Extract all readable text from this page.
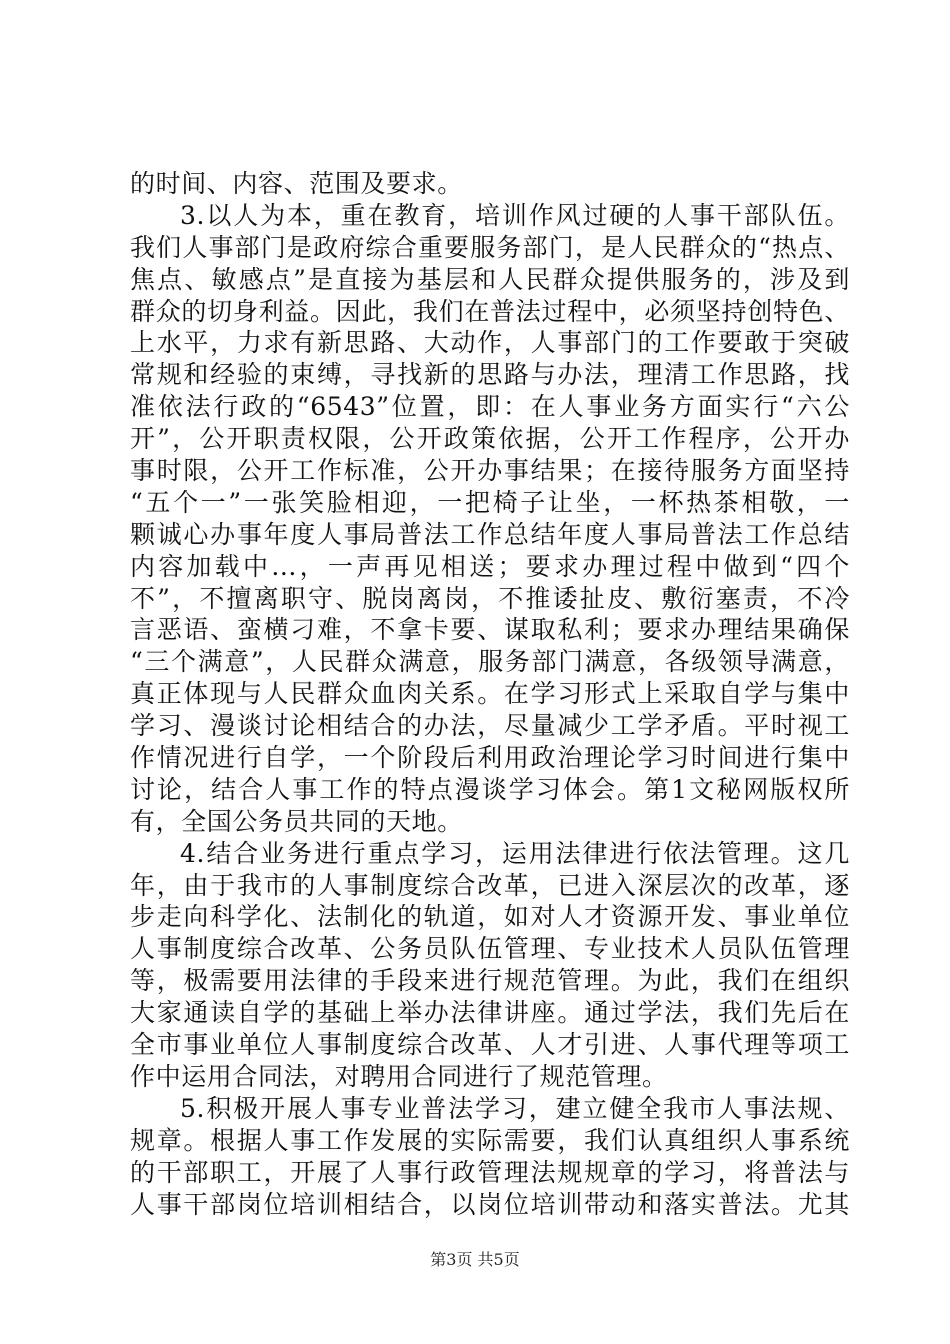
的时间、内容、范围及要求。
3.以人为本，重在教育，培训作风过硬的人事干部队伍。
我们人事部门是政府综合重要服务部门，是人民群众的“热点、
焦点、敏感点”是直接为基层和人民群众提供服务的，涉及到
群众的切身利益。因此，我们在普法过程中，必须坚持创特色、
上水平，力求有新思路、大动作，人事部门的工作要敢于突破
常规和经验的束缚，寻找新的思路与办法，理清工作思路，找
准依法行政的“6543”位置，即：在人事业务方面实行“六公
开”，公开职责权限，公开政策依据，公开工作程序，公开办
事时限，公开工作标准，公开办事结果；在接待服务方面坚持
“五个一”一张笑脸相迎，一把椅子让坐，一杯热茶相敬，一
颗诚心办事年度人事局普法工作总结年度人事局普法工作总结
内容加载中...，一声再见相送；要求办理过程中做到“四个
不”，不擅离职守、脱岗离岗，不推诿扯皮、敷衍塞责，不冷
言恶语、蛮横刁难，不拿卡要、谋取私利；要求办理结果确保
“三个满意”，人民群众满意，服务部门满意，各级领导满意，
真正体现与人民群众血肉关系。在学习形式上采取自学与集中
学习、漫谈讨论相结合的办法，尽量减少工学矛盾。平时视工
作情况进行自学，一个阶段后利用政治理论学习时间进行集中
讨论，结合人事工作的特点漫谈学习体会。第1文秘网版权所
有，全国公务员共同的天地。
4.结合业务进行重点学习，运用法律进行依法管理。这几
年，由于我市的人事制度综合改革，已进入深层次的改革，逐
步走向科学化、法制化的轨道，如对人才资源开发、事业单位
人事制度综合改革、公务员队伍管理、专业技术人员队伍管理
等，极需要用法律的手段来进行规范管理。为此，我们在组织
大家通读自学的基础上举办法律讲座。通过学法，我们先后在
全市事业单位人事制度综合改革、人才引进、人事代理等项工
作中运用合同法，对聘用合同进行了规范管理。
5.积极开展人事专业普法学习，建立健全我市人事法规、
规章。根据人事工作发展的实际需要，我们认真组织人事系统
的干部职工，开展了人事行政管理法规规章的学习，将普法与
人事干部岗位培训相结合，以岗位培训带动和落实普法。尤其
第3页 共5页
